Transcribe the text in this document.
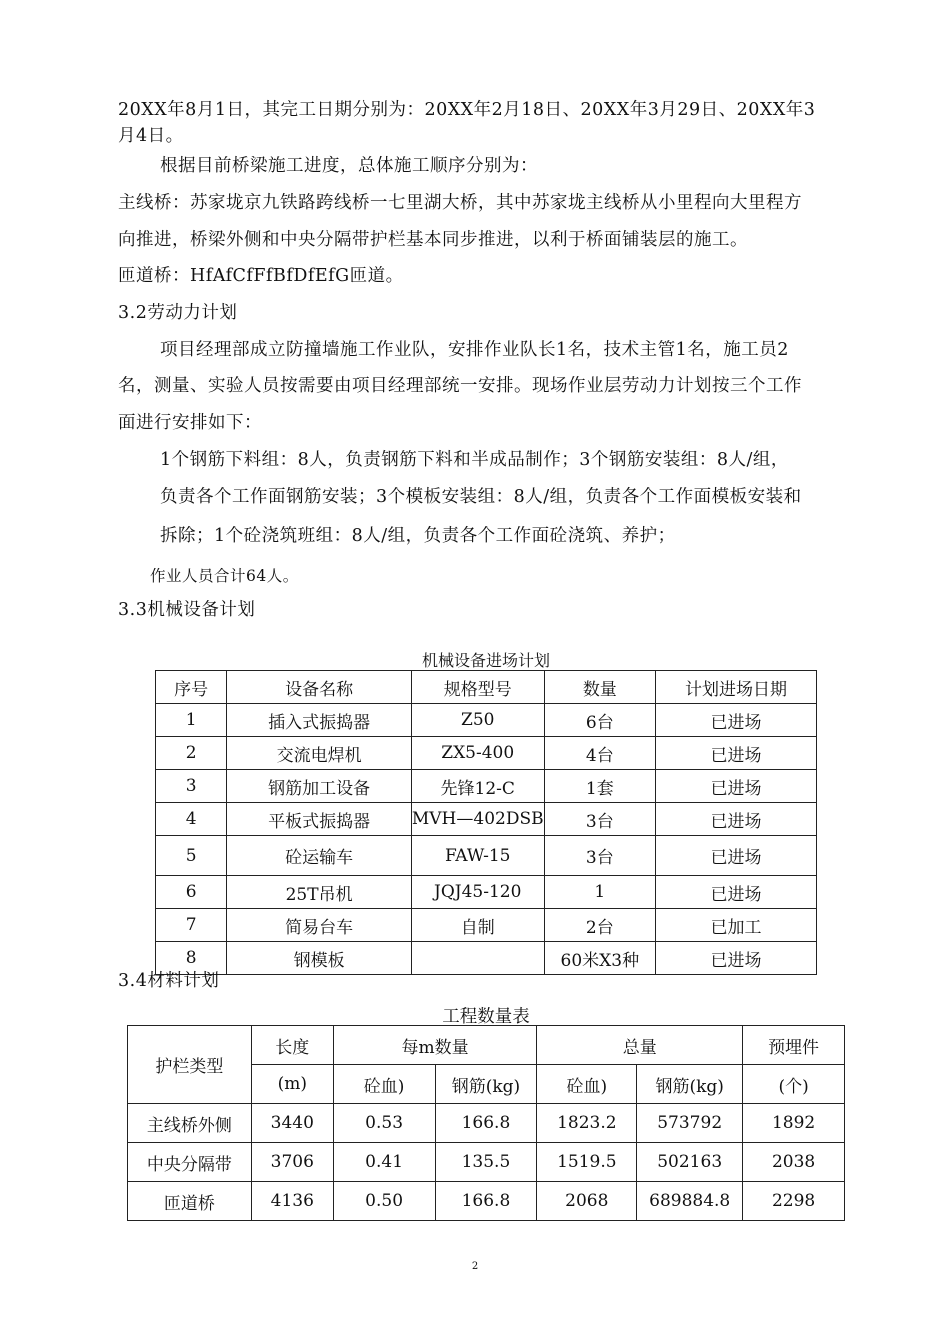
20XX年8月1日，其完工日期分别为：20XX年2月18日、20XX年3月29日、20XX年3
月4日。
根据目前桥梁施工进度，总体施工顺序分别为：
主线桥：苏家垅京九铁路跨线桥一七里湖大桥，其中苏家垅主线桥从小里程向大里程方
向推进，桥梁外侧和中央分隔带护栏基本同步推进，以利于桥面铺装层的施工。
匝道桥：HfAfCfFfBfDfEfG匝道。
3.2劳动力计划
项目经理部成立防撞墙施工作业队，安排作业队长1名，技术主管1名，施工员2
名，测量、实验人员按需要由项目经理部统一安排。现场作业层劳动力计划按三个工作
面进行安排如下：
1个钢筋下料组：8人，负责钢筋下料和半成品制作；3个钢筋安装组：8人/组，
负责各个工作面钢筋安装；3个模板安装组：8人/组，负责各个工作面模板安装和
拆除；1个砼浇筑班组：8人/组，负责各个工作面砼浇筑、养护；
作业人员合计64人。
3.3机械设备计划
机械设备进场计划
序号	设备名称	规格型号	数量	计划进场日期
1	插入式振捣器	Z50	6台	已进场
2	交流电焊机	ZX5-400	4台	已进场
3	钢筋加工设备	先锋12-C	1套	已进场
4	平板式振捣器	MVH—402DSB	3台	已进场
5	砼运输车	FAW-15	3台	已进场
6	25T吊机	JQJ45-120	1	已进场
7	简易台车	自制	2台	已加工
8	钢模板		60米X3种	已进场
3.4材料计划
工程数量表
护栏类型	长度	每m数量		总量		预埋件
	(m)	砼血)	钢筋(kg)	砼血)	钢筋(kg)	(个)
主线桥外侧	3440	0.53	166.8	1823.2	573792	1892
中央分隔带	3706	0.41	135.5	1519.5	502163	2038
匝道桥	4136	0.50	166.8	2068	689884.8	2298
2
